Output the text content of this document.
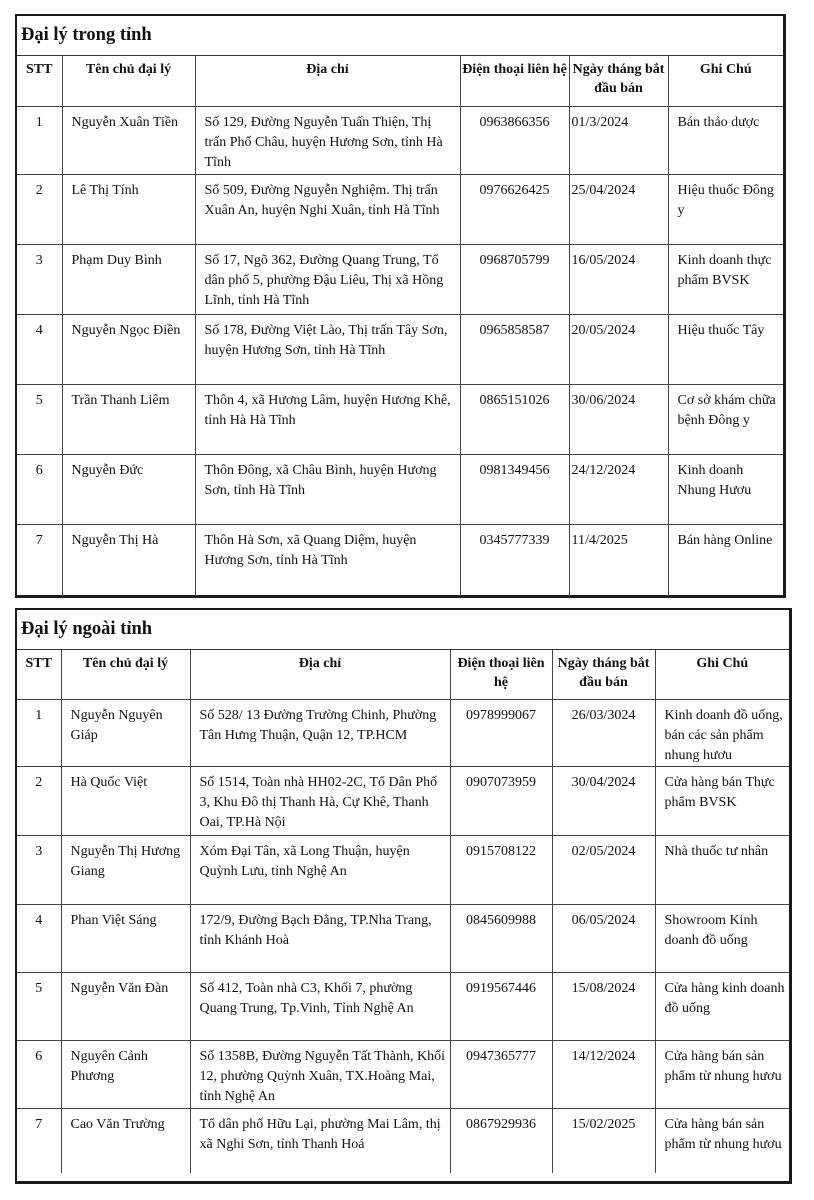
Đại lý trong tỉnh
STT	Tên chủ đại lý	Địa chỉ	Điện thoại liên hệ	Ngày tháng bắt đầu bán	Ghi Chú
1	Nguyễn Xuân Tiền	Số 129, Đường Nguyễn Tuấn Thiện, Thị trấn Phố Châu, huyện Hương Sơn, tỉnh Hà Tĩnh	0963866356	01/3/2024	Bán thảo dược
2	Lê Thị Tính	Số 509, Đường Nguyễn Nghiệm. Thị trấn Xuân An, huyện Nghi Xuân, tỉnh Hà Tĩnh	0976626425	25/04/2024	Hiệu thuốc Đông y
3	Phạm Duy Bình	Số 17, Ngõ 362, Đường Quang Trung, Tổ dân phố 5, phường Đậu Liêu, Thị xã Hồng Lĩnh, tỉnh Hà Tĩnh	0968705799	16/05/2024	Kinh doanh thực phẩm BVSK
4	Nguyễn Ngọc Điền	Số 178, Đường Việt Lào, Thị trấn Tây Sơn, huyện Hương Sơn, tỉnh Hà Tĩnh	0965858587	20/05/2024	Hiệu thuốc Tây
5	Trần Thanh Liêm	Thôn 4, xã Hương Lâm, huyện Hương Khê, tỉnh Hà Hà Tĩnh	0865151026	30/06/2024	Cơ sở khám chữa bệnh Đông y
6	Nguyễn Đức	Thôn Đông, xã Châu Bình, huyện Hương Sơn, tỉnh Hà Tĩnh	0981349456	24/12/2024	Kinh doanh Nhung Hươu
7	Nguyễn Thị Hà	Thôn Hà Sơn, xã Quang Diệm, huyện Hương Sơn, tỉnh Hà Tĩnh	0345777339	11/4/2025	Bán hàng Online
Đại lý ngoài tỉnh
STT	Tên chủ đại lý	Địa chỉ	Điện thoại liên hệ	Ngày tháng bắt đầu bán	Ghi Chú
1	Nguyễn Nguyên Giáp	Số 528/ 13 Đường Trường Chinh, Phường Tân Hưng Thuận, Quận 12, TP.HCM	0978999067	26/03/3024	Kinh doanh đồ uống, bán các sản phẩm nhung hươu
2	Hà Quốc Việt	Số 1514, Toàn nhà HH02-2C, Tổ Dân Phố 3, Khu Đô thị Thanh Hà, Cự Khê, Thanh Oai, TP.Hà Nội	0907073959	30/04/2024	Cửa hàng bán Thực phẩm BVSK
3	Nguyễn Thị Hương Giang	Xóm Đại Tân, xã Long Thuận, huyện Quỳnh Lưu, tỉnh Nghệ An	0915708122	02/05/2024	Nhà thuốc tư nhân
4	Phan Việt Sáng	172/9, Đường Bạch Đằng, TP.Nha Trang, tỉnh Khánh Hoà	0845609988	06/05/2024	Showroom Kinh doanh đồ uống
5	Nguyễn Văn Đàn	Số 412, Toàn nhà C3, Khối 7, phường Quang Trung, Tp.Vinh, Tỉnh Nghệ An	0919567446	15/08/2024	Cửa hàng kinh doanh đồ uống
6	Nguyên Cảnh Phương	Số 1358B, Đường Nguyễn Tất Thành, Khối 12, phường Quỳnh Xuân, TX.Hoàng Mai, tỉnh Nghệ An	0947365777	14/12/2024	Cửa hàng bán sản phẩm từ nhung hươu
7	Cao Văn Trường	Tổ dân phố Hữu Lại, phường Mai Lâm, thị xã Nghi Sơn, tỉnh Thanh Hoá	0867929936	15/02/2025	Cửa hàng bán sản phẩm từ nhung hươu
